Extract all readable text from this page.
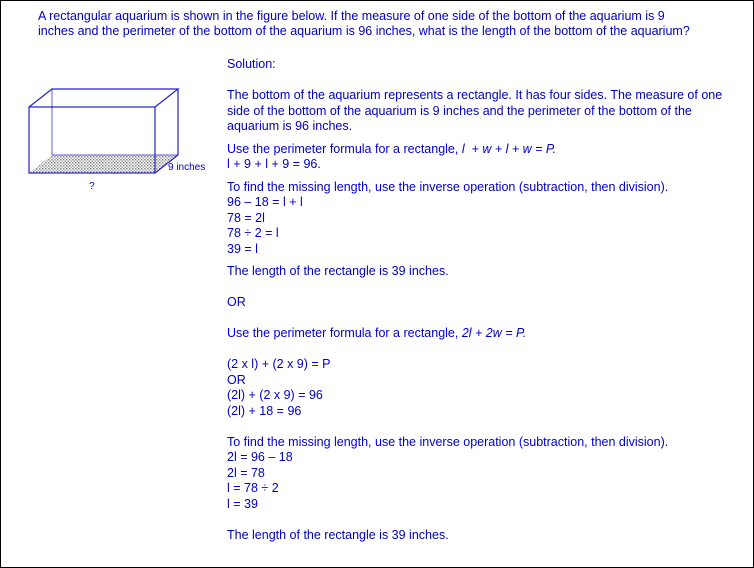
A rectangular aquarium is shown in the figure below. If the measure of one side of the bottom of the aquarium is 9 inches and the perimeter of the bottom of the aquarium is 96 inches, what is the length of the bottom of the aquarium?
9 inches
?
Solution:
The bottom of the aquarium represents a rectangle. It has four sides. The measure of one side of the bottom of the aquarium is 9 inches and the perimeter of the bottom of the aquarium is 96 inches.
Use the perimeter formula for a rectangle, l  + w + l + w = P.
l + 9 + l + 9 = 96.
To find the missing length, use the inverse operation (subtraction, then division).
96 – 18 = l + l
78 = 2l
78 ÷ 2 = l
39 = l
The length of the rectangle is 39 inches.
OR
Use the perimeter formula for a rectangle, 2l + 2w = P.
(2 x l) + (2 x 9) = P
OR
(2l) + (2 x 9) = 96
(2l) + 18 = 96
To find the missing length, use the inverse operation (subtraction, then division).
2l = 96 – 18
2l = 78
l = 78 ÷ 2
l = 39
The length of the rectangle is 39 inches.
